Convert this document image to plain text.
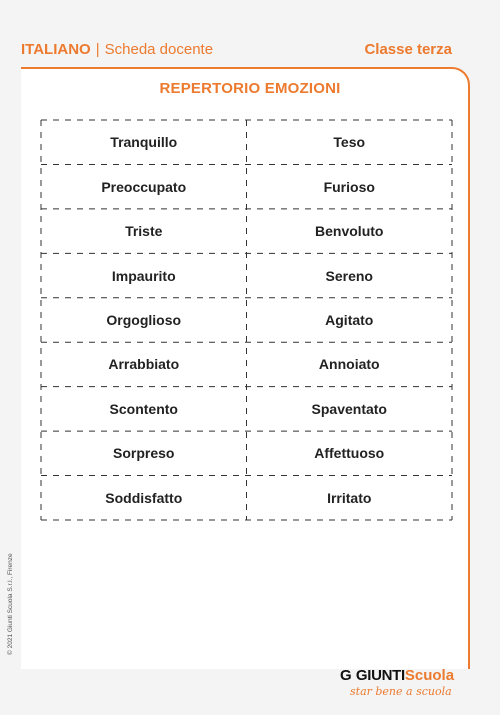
ITALIANO | Scheda docente	Classe terza
REPERTORIO EMOZIONI
Tranquillo	Teso
Preoccupato	Furioso
Triste	Benvoluto
Impaurito	Sereno
Orgoglioso	Agitato
Arrabbiato	Annoiato
Scontento	Spaventato
Sorpreso	Affettuoso
Soddisfatto	Irritato
© 2021 Giunti Scuola S.r.l., Firenze
G GIUNTIScuola
star bene a scuola
